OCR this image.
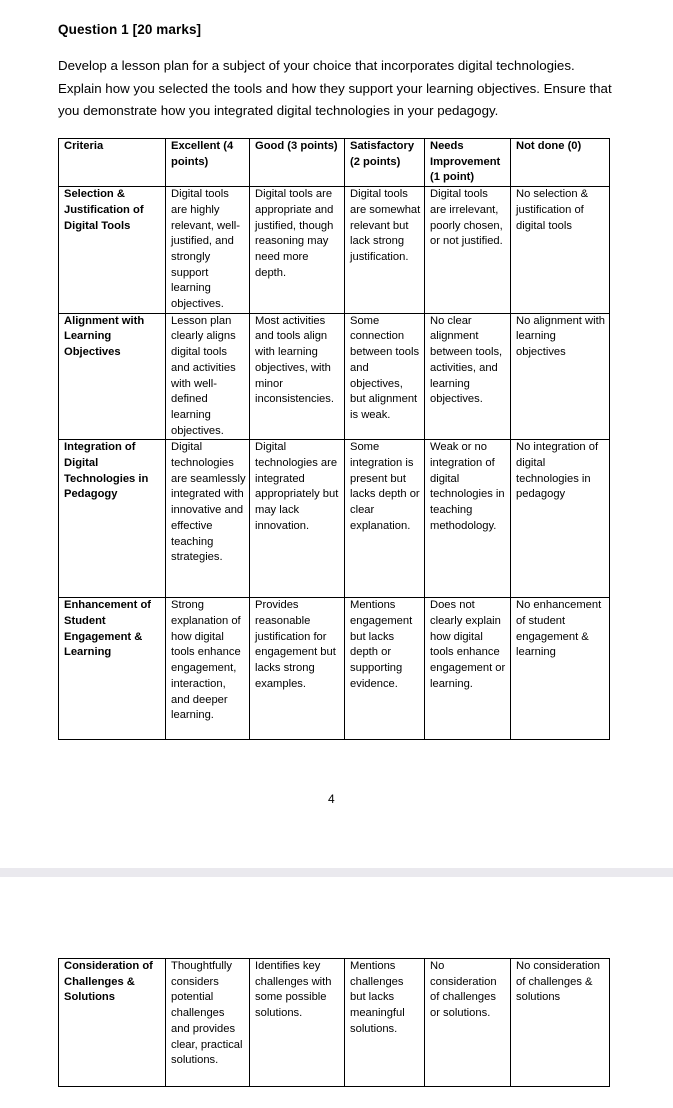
Question 1 [20 marks]
Develop a lesson plan for a subject of your choice that incorporates digital technologies. Explain how you selected the tools and how they support your learning objectives. Ensure that you demonstrate how you integrated digital technologies in your pedagogy.
Criteria	Excellent (4 points)	Good (3 points)	Satisfactory (2 points)	Needs Improvement (1 point)	Not done (0)
Selection & Justification of Digital Tools	Digital tools are highly relevant, well-justified, and strongly support learning objectives.	Digital tools are appropriate and justified, though reasoning may need more depth.	Digital tools are somewhat relevant but lack strong justification.	Digital tools are irrelevant, poorly chosen, or not justified.	No selection & justification of digital tools
Alignment with Learning Objectives	Lesson plan clearly aligns digital tools and activities with well-defined learning objectives.	Most activities and tools align with learning objectives, with minor inconsistencies.	Some connection between tools and objectives, but alignment is weak.	No clear alignment between tools, activities, and learning objectives.	No alignment with learning objectives
Integration of Digital Technologies in Pedagogy	Digital technologies are seamlessly integrated with innovative and effective teaching strategies.	Digital technologies are integrated appropriately but may lack innovation.	Some integration is present but lacks depth or clear explanation.	Weak or no integration of digital technologies in teaching methodology.	No integration of digital technologies in pedagogy
Enhancement of Student Engagement & Learning	Strong explanation of how digital tools enhance engagement, interaction, and deeper learning.	Provides reasonable justification for engagement but lacks strong examples.	Mentions engagement but lacks depth or supporting evidence.	Does not clearly explain how digital tools enhance engagement or learning.	No enhancement of student engagement & learning
4
Consideration of Challenges & Solutions	Thoughtfully considers potential challenges and provides clear, practical solutions.	Identifies key challenges with some possible solutions.	Mentions challenges but lacks meaningful solutions.	No consideration of challenges or solutions.	No consideration of challenges & solutions
